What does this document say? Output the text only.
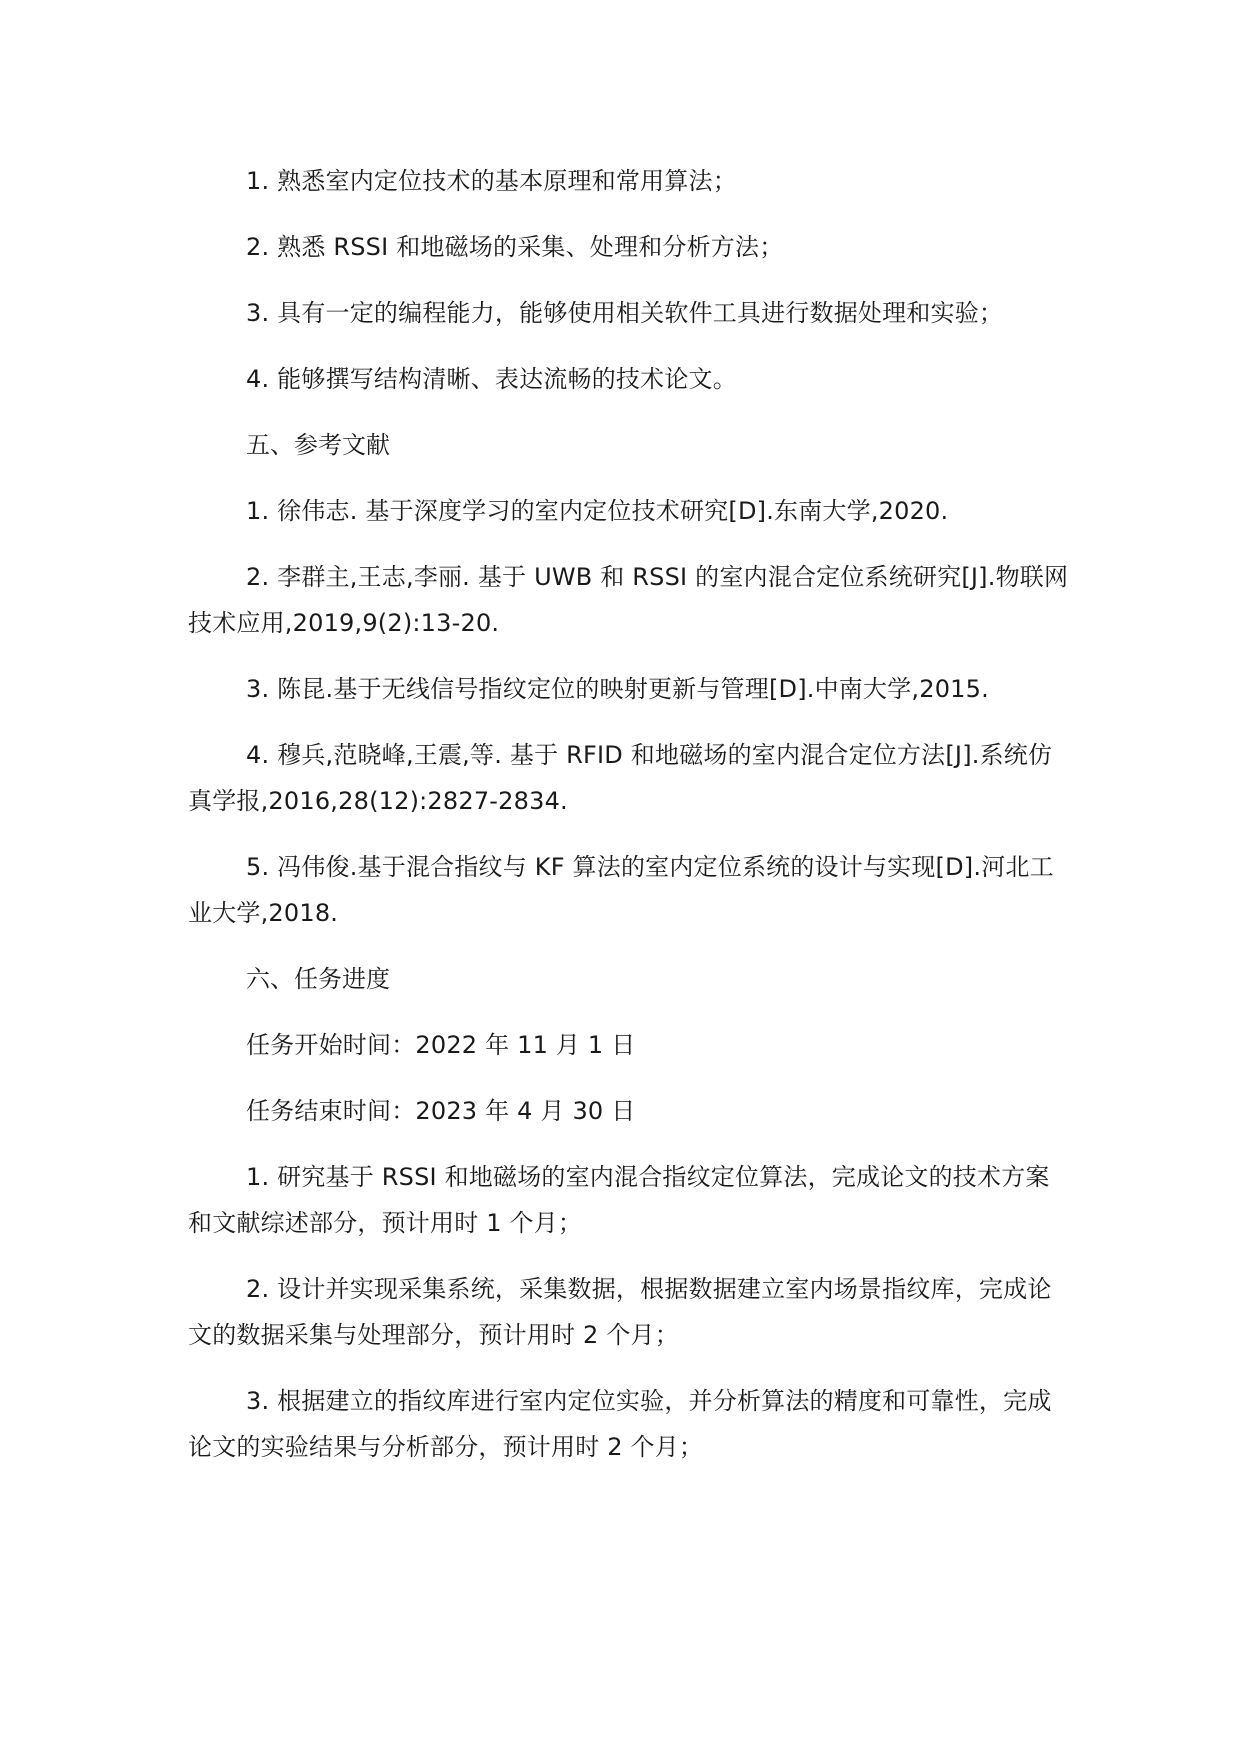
1. 熟悉室内定位技术的基本原理和常用算法；

2. 熟悉 RSSI 和地磁场的采集、处理和分析方法；

3. 具有一定的编程能力，能够使用相关软件工具进行数据处理和实验；

4. 能够撰写结构清晰、表达流畅的技术论文。

五、参考文献

1. 徐伟志. 基于深度学习的室内定位技术研究[D].东南大学,2020.

2. 李群主,王志,李丽. 基于 UWB 和 RSSI 的室内混合定位系统研究[J].物联网技术应用,2019,9(2):13-20.

3. 陈昆.基于无线信号指纹定位的映射更新与管理[D].中南大学,2015.

4. 穆兵,范晓峰,王震,等. 基于 RFID 和地磁场的室内混合定位方法[J].系统仿真学报,2016,28(12):2827-2834.

5. 冯伟俊.基于混合指纹与 KF 算法的室内定位系统的设计与实现[D].河北工业大学,2018.

六、任务进度

任务开始时间：2022 年 11 月 1 日

任务结束时间：2023 年 4 月 30 日

1. 研究基于 RSSI 和地磁场的室内混合指纹定位算法，完成论文的技术方案和文献综述部分，预计用时 1 个月；

2. 设计并实现采集系统，采集数据，根据数据建立室内场景指纹库，完成论文的数据采集与处理部分，预计用时 2 个月；

3. 根据建立的指纹库进行室内定位实验，并分析算法的精度和可靠性，完成论文的实验结果与分析部分，预计用时 2 个月；
